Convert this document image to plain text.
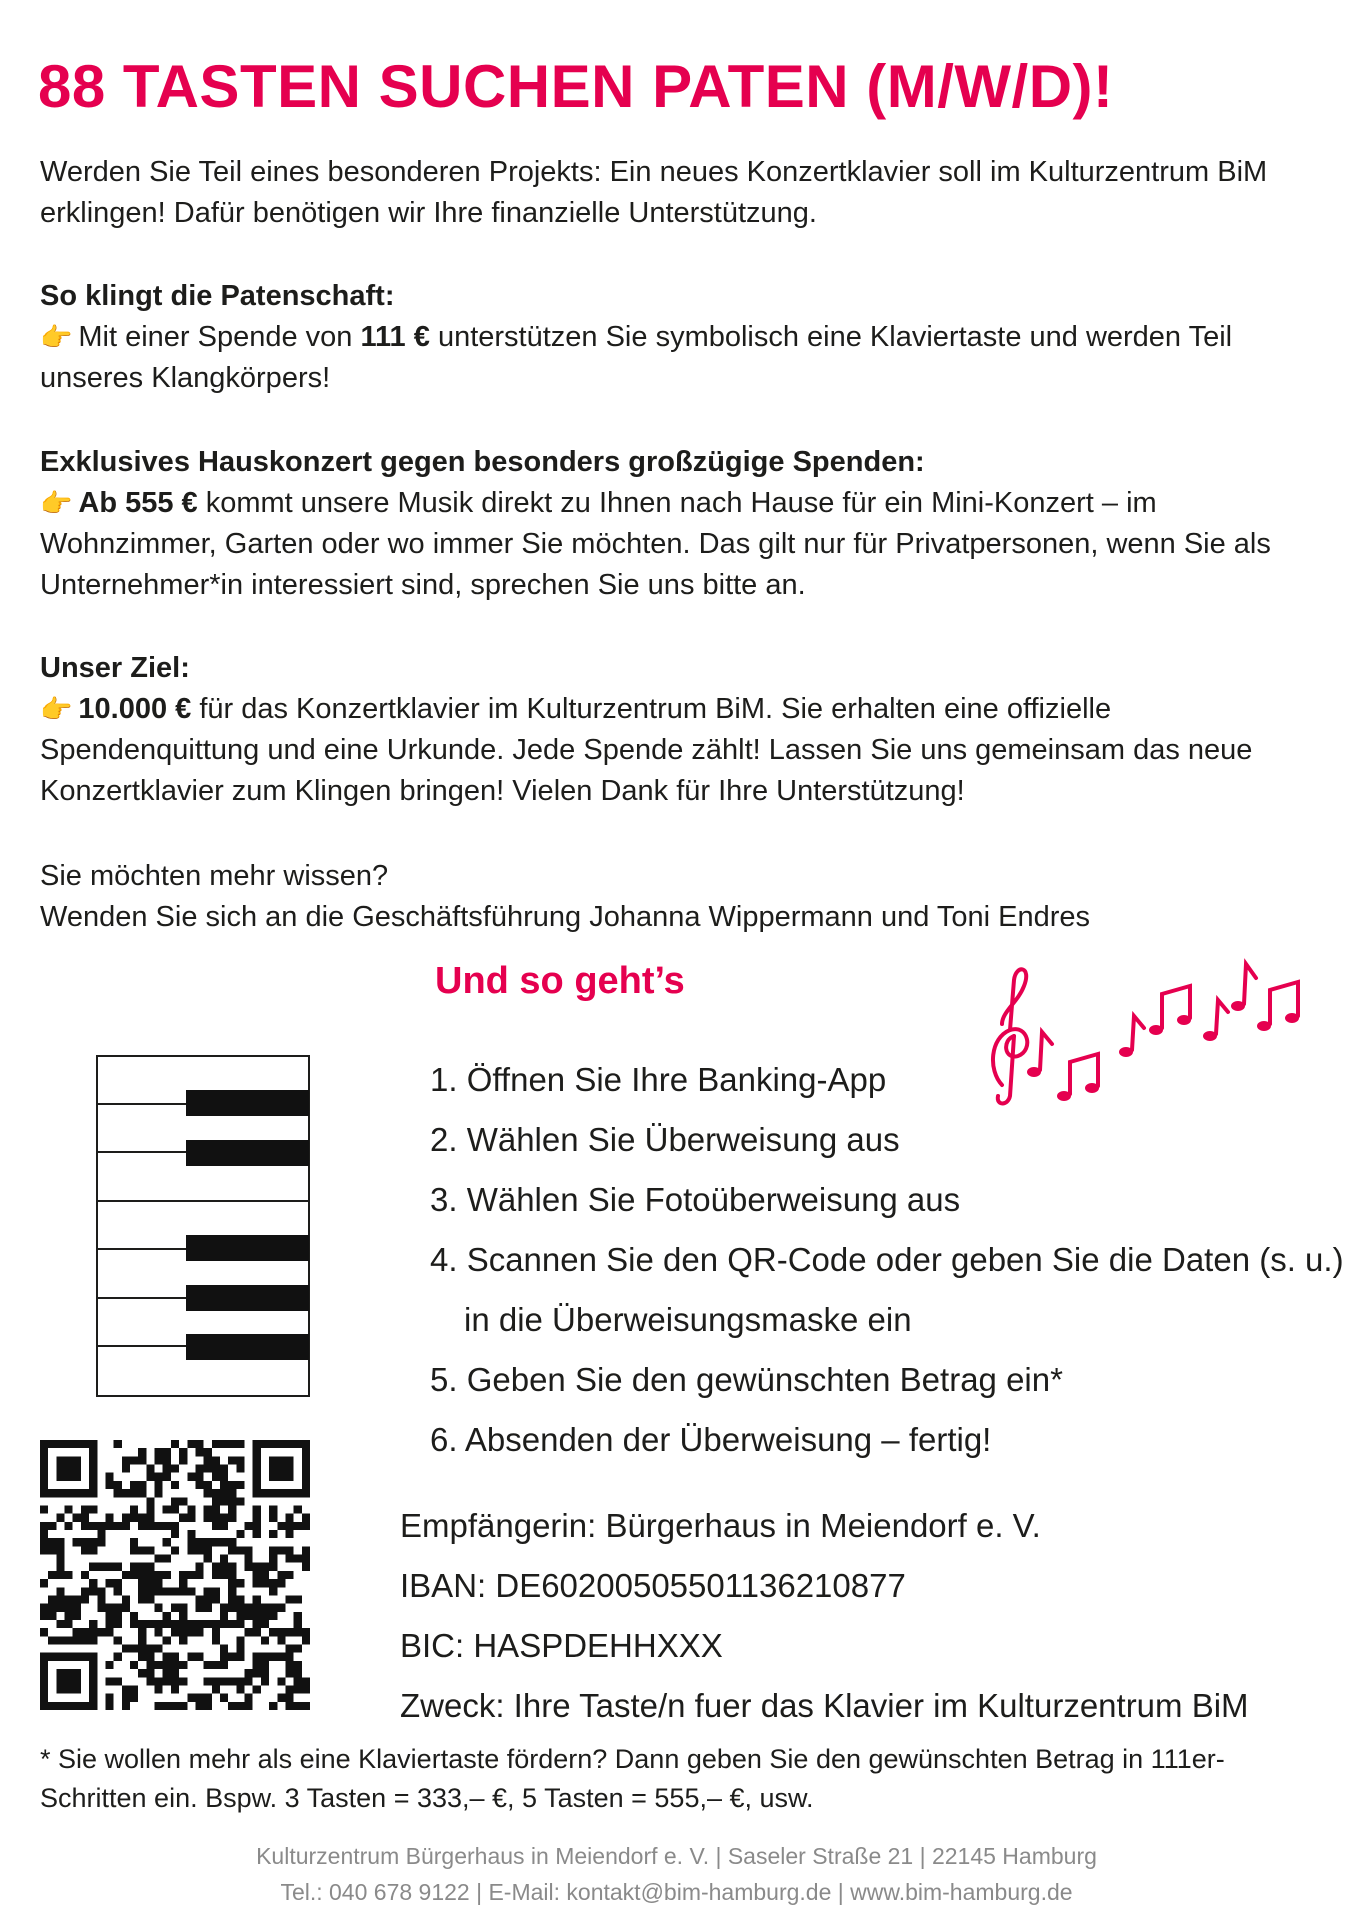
88 TASTEN SUCHEN PATEN (M/W/D)!
Werden Sie Teil eines besonderen Projekts: Ein neues Konzertklavier soll im Kulturzentrum BiM
erklingen! Dafür benötigen wir Ihre finanzielle Unterstützung.
So klingt die Patenschaft:
👉 Mit einer Spende von 111 € unterstützen Sie symbolisch eine Klaviertaste und werden Teil
unseres Klangkörpers!
Exklusives Hauskonzert gegen besonders großzügige Spenden:
👉 Ab 555 € kommt unsere Musik direkt zu Ihnen nach Hause für ein Mini-Konzert – im
Wohnzimmer, Garten oder wo immer Sie möchten. Das gilt nur für Privatpersonen, wenn Sie als
Unternehmer*in interessiert sind, sprechen Sie uns bitte an.
Unser Ziel:
👉 10.000 € für das Konzertklavier im Kulturzentrum BiM. Sie erhalten eine offizielle
Spendenquittung und eine Urkunde. Jede Spende zählt! Lassen Sie uns gemeinsam das neue
Konzertklavier zum Klingen bringen! Vielen Dank für Ihre Unterstützung!
Sie möchten mehr wissen?
Wenden Sie sich an die Geschäftsführung Johanna Wippermann und Toni Endres
Und so geht’s
1. Öffnen Sie Ihre Banking-App
2. Wählen Sie Überweisung aus
3. Wählen Sie Fotoüberweisung aus
4. Scannen Sie den QR-Code oder geben Sie die Daten (s. u.)
in die Überweisungsmaske ein
5. Geben Sie den gewünschten Betrag ein*
6. Absenden der Überweisung – fertig!
Empfängerin: Bürgerhaus in Meiendorf e. V.
IBAN: DE60200505501136210877
BIC: HASPDEHHXXX
Zweck: Ihre Taste/n fuer das Klavier im Kulturzentrum BiM
* Sie wollen mehr als eine Klaviertaste fördern? Dann geben Sie den gewünschten Betrag in 111er-
Schritten ein. Bspw. 3 Tasten = 333,– €, 5 Tasten = 555,– €, usw.
Kulturzentrum Bürgerhaus in Meiendorf e. V. | Saseler Straße 21 | 22145 Hamburg
Tel.: 040 678 9122 | E-Mail: kontakt@bim-hamburg.de | www.bim-hamburg.de
